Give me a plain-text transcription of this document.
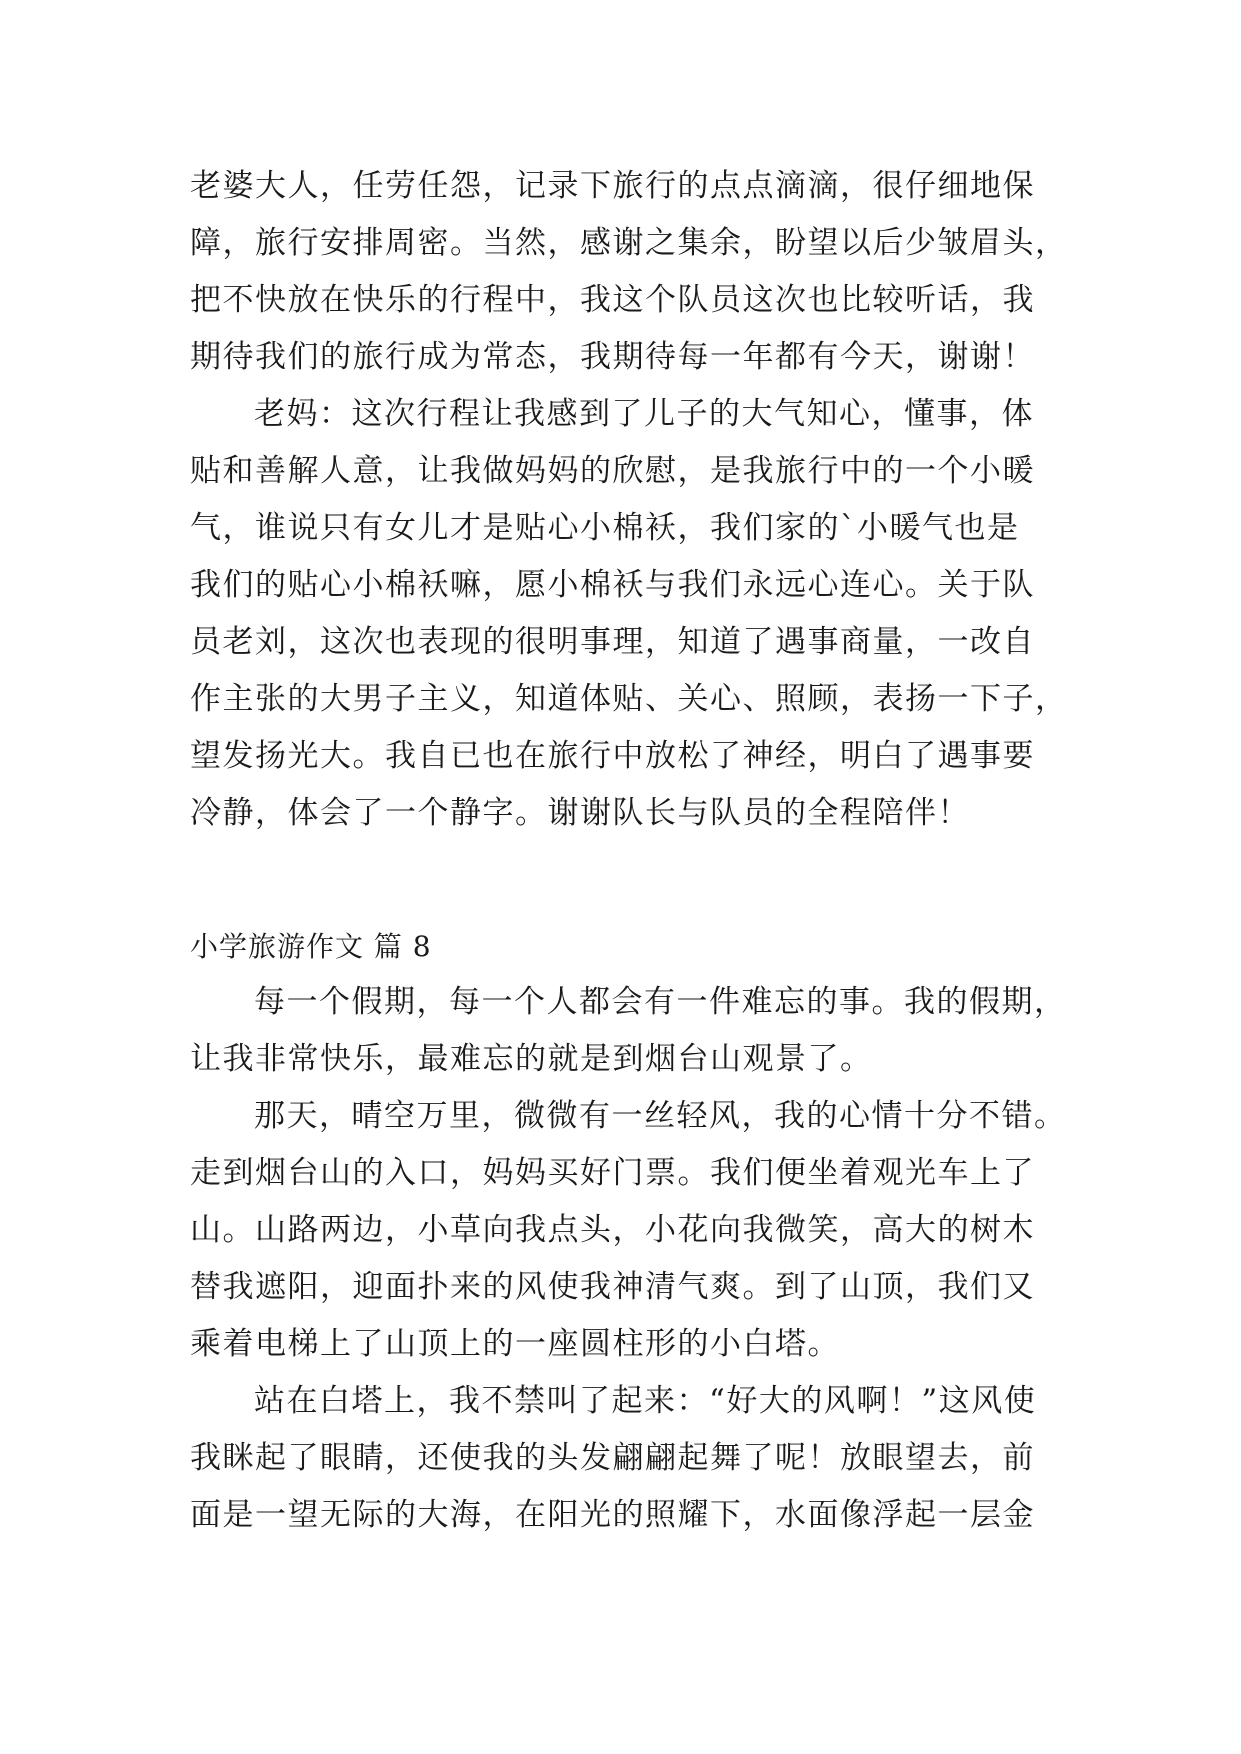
老婆大人，任劳任怨，记录下旅行的点点滴滴，很仔细地保
障，旅行安排周密。当然，感谢之集余，盼望以后少皱眉头，
把不快放在快乐的行程中，我这个队员这次也比较听话，我
期待我们的旅行成为常态，我期待每一年都有今天，谢谢！
老妈：这次行程让我感到了儿子的大气知心，懂事，体
贴和善解人意，让我做妈妈的欣慰，是我旅行中的一个小暖
气，谁说只有女儿才是贴心小棉袄，我们家的`小暖气也是
我们的贴心小棉袄嘛，愿小棉袄与我们永远心连心。关于队
员老刘，这次也表现的很明事理，知道了遇事商量，一改自
作主张的大男子主义，知道体贴、关心、照顾，表扬一下子，
望发扬光大。我自已也在旅行中放松了神经，明白了遇事要
冷静，体会了一个静字。谢谢队长与队员的全程陪伴！
小学旅游作文 篇 8
每一个假期，每一个人都会有一件难忘的事。我的假期，
让我非常快乐，最难忘的就是到烟台山观景了。
那天，晴空万里，微微有一丝轻风，我的心情十分不错。
走到烟台山的入口，妈妈买好门票。我们便坐着观光车上了
山。山路两边，小草向我点头，小花向我微笑，高大的树木
替我遮阳，迎面扑来的风使我神清气爽。到了山顶，我们又
乘着电梯上了山顶上的一座圆柱形的小白塔。
站在白塔上，我不禁叫了起来：“好大的风啊！”这风使
我眯起了眼睛，还使我的头发翩翩起舞了呢！放眼望去，前
面是一望无际的大海，在阳光的照耀下，水面像浮起一层金
